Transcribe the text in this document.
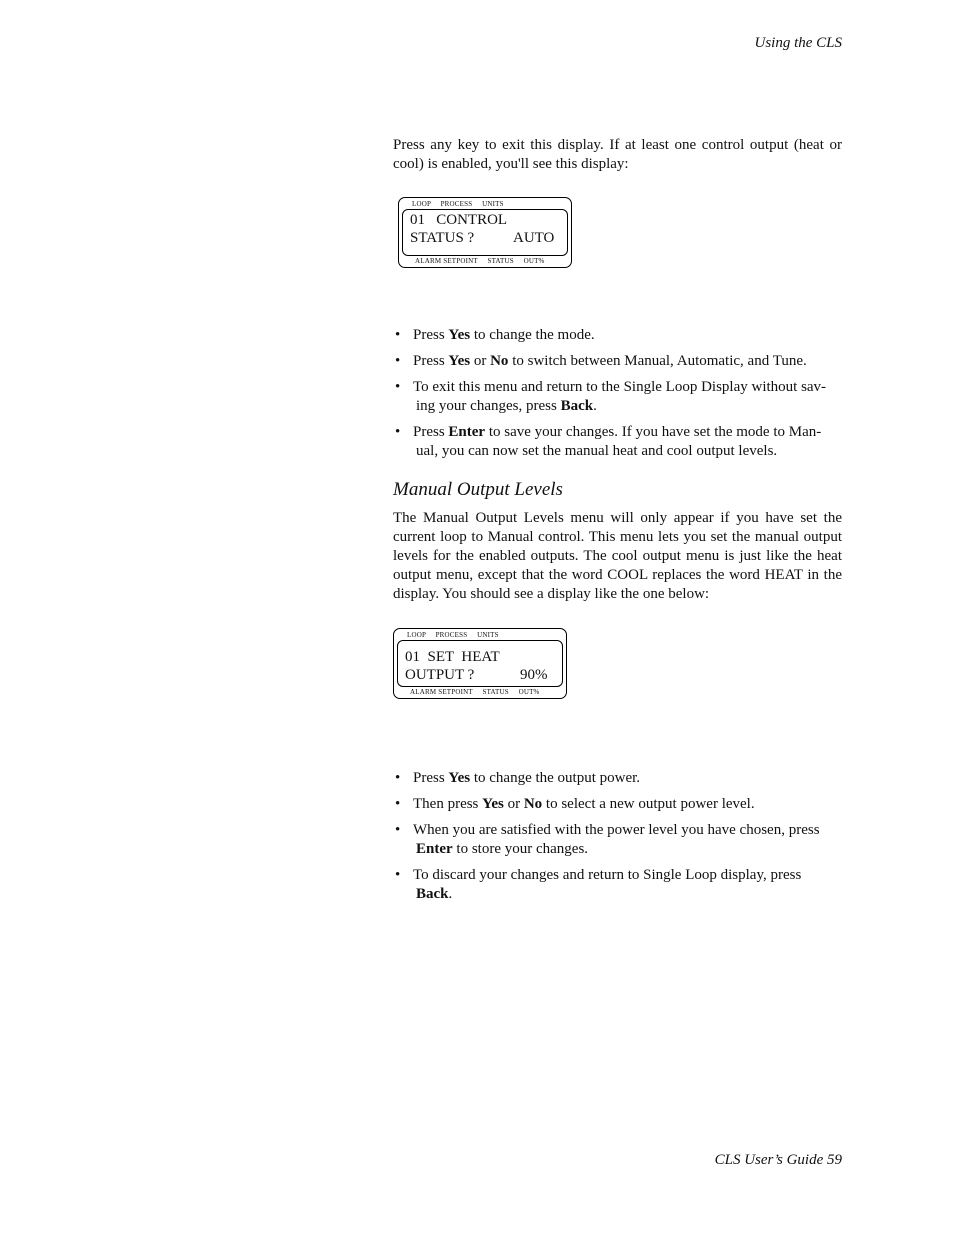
Using the CLS

Press any key to exit this display. If at least one control output (heat or cool) is enabled, you'll see this display:

LOOP     PROCESS     UNITS
01   CONTROL
STATUS ?	AUTO
ALARM SETPOINT     STATUS     OUT%
• Press Yes to change the mode.
• Press Yes or No to switch between Manual, Automatic, and Tune.
• To exit this menu and return to the Single Loop Display without sav-
ing your changes, press Back.
• Press Enter to save your changes. If you have set the mode to Man-
ual, you can now set the manual heat and cool output levels.
Manual Output Levels

The Manual Output Levels menu will only appear if you have set the current loop to Manual control. This menu lets you set the manual output levels for the enabled outputs. The cool output menu is just like the heat output menu, except that the word COOL replaces the word HEAT in the display. You should see a display like the one below:

LOOP     PROCESS     UNITS
01  SET  HEAT
OUTPUT ?	90%
ALARM SETPOINT     STATUS     OUT%
• Press Yes to change the output power.
• Then press Yes or No to select a new output power level.
• When you are satisfied with the power level you have chosen, press
Enter to store your changes.
• To discard your changes and return to Single Loop display, press
Back.
CLS User’s Guide 59
